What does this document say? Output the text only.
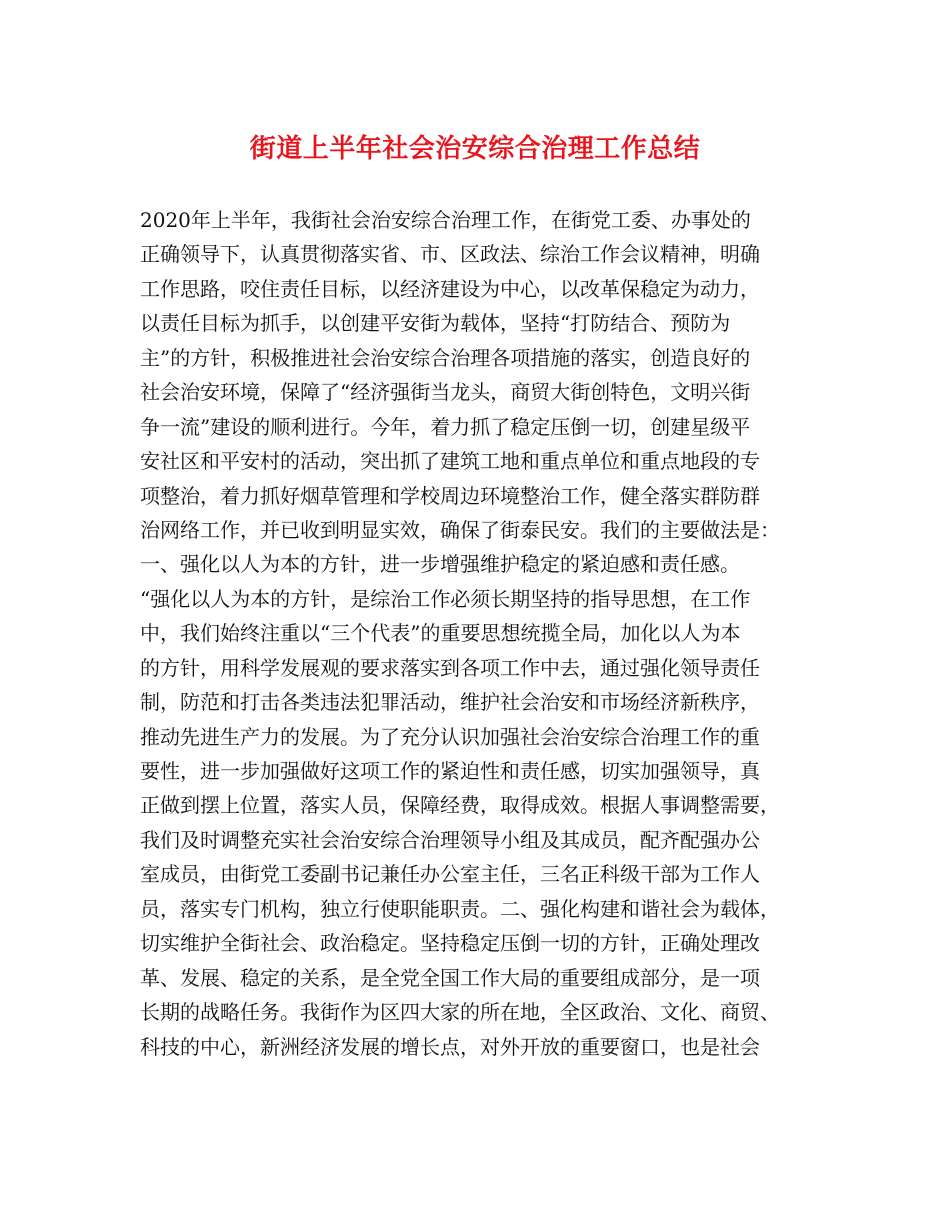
街道上半年社会治安综合治理工作总结
2020年上半年，我街社会治安综合治理工作，在街党工委、办事处的
正确领导下，认真贯彻落实省、市、区政法、综治工作会议精神，明确
工作思路，咬住责任目标，以经济建设为中心，以改革保稳定为动力，
以责任目标为抓手，以创建平安街为载体，坚持“打防结合、预防为
主”的方针，积极推进社会治安综合治理各项措施的落实，创造良好的
社会治安环境，保障了“经济强街当龙头，商贸大街创特色，文明兴街
争一流”建设的顺利进行。今年，着力抓了稳定压倒一切，创建星级平
安社区和平安村的活动，突出抓了建筑工地和重点单位和重点地段的专
项整治，着力抓好烟草管理和学校周边环境整治工作，健全落实群防群
治网络工作，并已收到明显实效，确保了街泰民安。我们的主要做法是：
一、强化以人为本的方针，进一步增强维护稳定的紧迫感和责任感。
“强化以人为本的方针，是综治工作必须长期坚持的指导思想，在工作
中，我们始终注重以“三个代表”的重要思想统揽全局，加化以人为本
的方针，用科学发展观的要求落实到各项工作中去，通过强化领导责任
制，防范和打击各类违法犯罪活动，维护社会治安和市场经济新秩序，
推动先进生产力的发展。为了充分认识加强社会治安综合治理工作的重
要性，进一步加强做好这项工作的紧迫性和责任感，切实加强领导，真
正做到摆上位置，落实人员，保障经费，取得成效。根据人事调整需要，
我们及时调整充实社会治安综合治理领导小组及其成员，配齐配强办公
室成员，由街党工委副书记兼任办公室主任，三名正科级干部为工作人
员，落实专门机构，独立行使职能职责。二、强化构建和谐社会为载体，
切实维护全街社会、政治稳定。坚持稳定压倒一切的方针，正确处理改
革、发展、稳定的关系，是全党全国工作大局的重要组成部分，是一项
长期的战略任务。我街作为区四大家的所在地，全区政治、文化、商贸、
科技的中心，新洲经济发展的增长点，对外开放的重要窗口，也是社会
